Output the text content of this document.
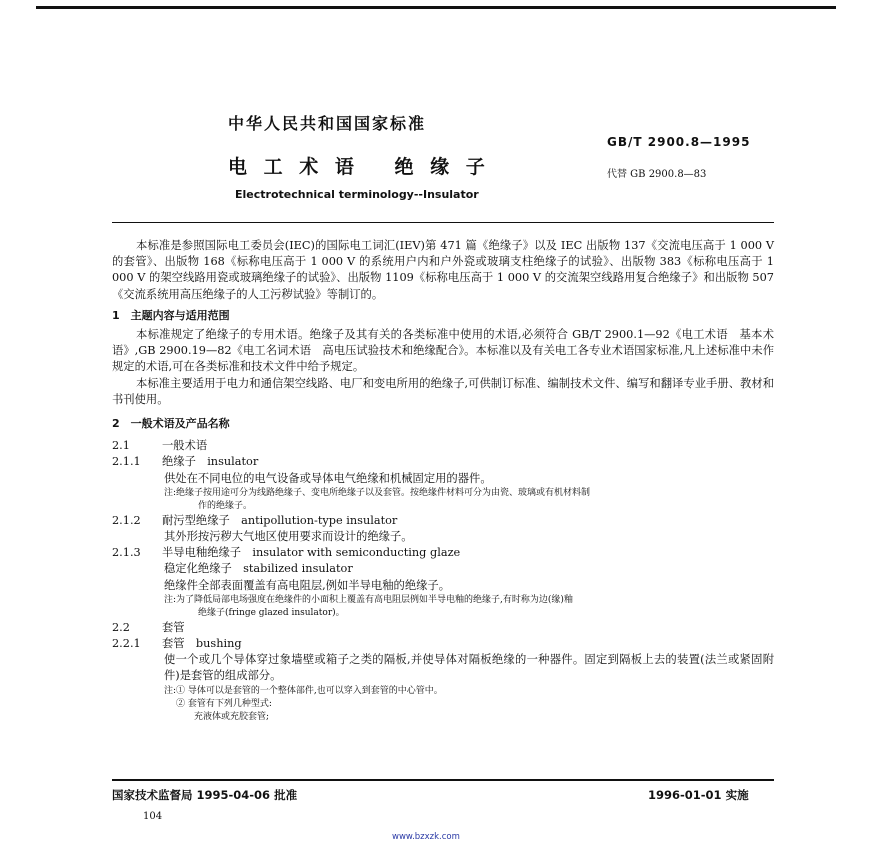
中华人民共和国国家标准
GB/T 2900.8—1995
电 工 术 语　 绝 缘 子	代替 GB 2900.8—83
Electrotechnical terminology--Insulator

本标准是参照国际电工委员会(IEC)的国际电工词汇(IEV)第 471 篇《绝缘子》以及 IEC 出版物 137《交流电压高于 1 000 V 的套管》、出版物 168《标称电压高于 1 000 V 的系统用户内和户外瓷或玻璃支柱绝缘子的试验》、出版物 383《标称电压高于 1 000 V 的架空线路用瓷或玻璃绝缘子的试验》、出版物 1109《标称电压高于 1 000 V 的交流架空线路用复合绝缘子》和出版物 507《交流系统用高压绝缘子的人工污秽试验》等制订的。

1　主题内容与适用范围

本标准规定了绝缘子的专用术语。绝缘子及其有关的各类标准中使用的术语,必须符合 GB/T 2900.1—92《电工术语　基本术语》,GB 2900.19—82《电工名词术语　高电压试验技术和绝缘配合》。本标准以及有关电工各专业术语国家标准,凡上述标准中未作规定的术语,可在各类标准和技术文件中给予规定。

本标准主要适用于电力和通信架空线路、电厂和变电所用的绝缘子,可供制订标准、编制技术文件、编写和翻译专业手册、教材和书刊使用。

2　一般术语及产品名称
2.1	一般术语
2.1.1	绝缘子　insulator
供处在不同电位的电气设备或导体电气绝缘和机械固定用的器件。
注:绝缘子按用途可分为线路绝缘子、变电所绝缘子以及套管。按绝缘件材料可分为由瓷、玻璃或有机材料制
作的绝缘子。
2.1.2	耐污型绝缘子　antipollution-type insulator
其外形按污秽大气地区使用要求而设计的绝缘子。
2.1.3	半导电釉绝缘子　insulator with semiconducting glaze
稳定化绝缘子　stabilized insulator
绝缘件全部表面覆盖有高电阻层,例如半导电釉的绝缘子。
注:为了降低局部电场强度在绝缘件的小面积上覆盖有高电阻层例如半导电釉的绝缘子,有时称为边(缘)釉
绝缘子(fringe glazed insulator)。
2.2	套管
2.2.1	套管　bushing
使一个或几个导体穿过象墙壁或箱子之类的隔板,并使导体对隔板绝缘的一种器件。固定到隔板上去的装置(法兰或紧固附件)是套管的组成部分。
注:① 导体可以是套管的一个整体部件,也可以穿入到套管的中心管中。
② 套管有下列几种型式:
充液体或充胶套管;
国家技术监督局 1995-04-06 批准	1996-01-01 实施
104
www.bzxzk.com
